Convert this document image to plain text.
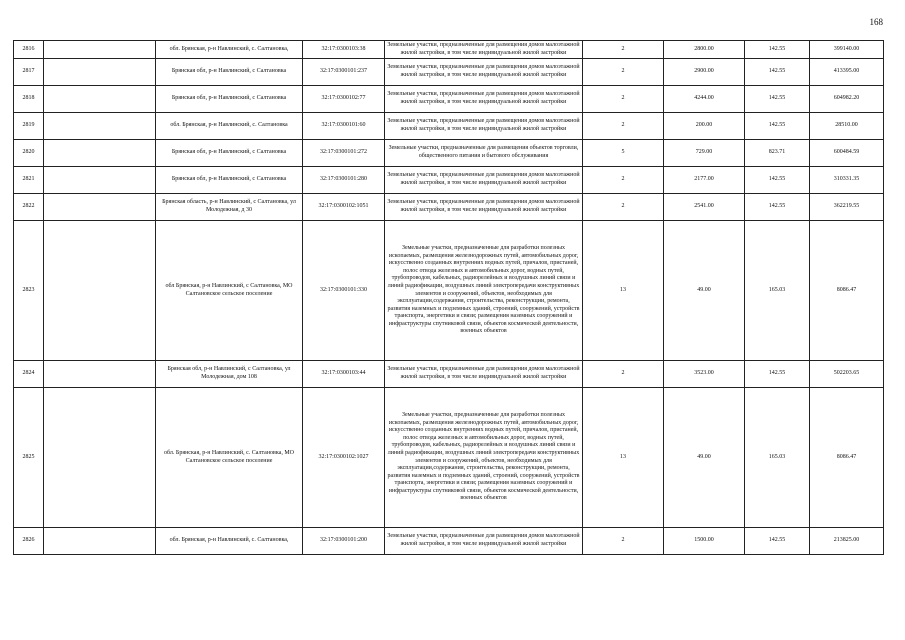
168
2816		обл. Брянская, р-н Навлинский, с. Салтановка,	32:17:0300103:38	Земельные участки, предназначенные для размещения домов малоэтажной жилой застройки, в том числе индивидуальной жилой застройки	2	2800.00	142.55	399140.00
2817		Брянская обл, р-н Навлинский, с Салтановка	32:17:0300101:237	Земельные участки, предназначенные для размещения домов малоэтажной жилой застройки, в том числе индивидуальной жилой застройки	2	2900.00	142.55	413395.00
2818		Брянская обл, р-н Навлинский, с Салтановка	32:17:0300102:77	Земельные участки, предназначенные для размещения домов малоэтажной жилой застройки, в том числе индивидуальной жилой застройки	2	4244.00	142.55	604982.20
2819		обл. Брянская, р-н Навлинский, с. Салтановка	32:17:0300101:60	Земельные участки, предназначенные для размещения домов малоэтажной жилой застройки, в том числе индивидуальной жилой застройки	2	200.00	142.55	28510.00
2820		Брянская обл, р-н Навлинский, с Салтановка	32:17:0300101:272	Земельные участки, предназначенные для размещения объектов торговли, общественного питания и бытового обслуживания	5	729.00	823.71	600484.59
2821		Брянская обл, р-н Навлинский, с Салтановка	32:17:0300101:280	Земельные участки, предназначенные для размещения домов малоэтажной жилой застройки, в том числе индивидуальной жилой застройки	2	2177.00	142.55	310331.35
2822		Брянская область, р-н Навлинский, с Салтановка, ул Молодежная, д 30	32:17:0300102:1051	Земельные участки, предназначенные для размещения домов малоэтажной жилой застройки, в том числе индивидуальной жилой застройки	2	2541.00	142.55	362219.55
2823		обл Брянская, р-н Навлинский, с Салтановка, МО Салтановское сельское поселение	32:17:0300101:330	Земельные участки, предназначенные для разработки полезных ископаемых, размещения железнодорожных путей, автомобильных дорог, искусственно созданных внутренних водных путей, причалов, пристаней, полос отвода железных и автомобильных дорог, водных путей, трубопроводов, кабельных, радиорелейных и воздушных линий связи и линий радиофикации, воздушных линий электропередачи конструктивных элементов и сооружений, объектов, необходимых для эксплуатации,содержания, строительства, реконструкции, ремонта, развития наземных и подземных зданий, строений, сооружений, устройств транспорта, энергетики и связи; размещения наземных сооружений и инфраструктуры спутниковой связи, объектов космической деятельности, военных объектов	13	49.00	165.03	8086.47
2824		Брянская обл, р-н Навлинский, с Салтановка, ул Молодежная, дом 108	32:17:0300103:44	Земельные участки, предназначенные для размещения домов малоэтажной жилой застройки, в том числе индивидуальной жилой застройки	2	3523.00	142.55	502203.65
2825		обл. Брянская, р-н Навлинский, с. Салтановка, МО Салтановское сельское поселение	32:17:0300102:1027	Земельные участки, предназначенные для разработки полезных ископаемых, размещения железнодорожных путей, автомобильных дорог, искусственно созданных внутренних водных путей, причалов, пристаней, полос отвода железных и автомобильных дорог, водных путей, трубопроводов, кабельных, радиорелейных и воздушных линий связи и линий радиофикации, воздушных линий электропередачи конструктивных элементов и сооружений, объектов, необходимых для эксплуатации,содержания, строительства, реконструкции, ремонта, развития наземных и подземных зданий, строений, сооружений, устройств транспорта, энергетики и связи; размещения наземных сооружений и инфраструктуры спутниковой связи, объектов космической деятельности, военных объектов	13	49.00	165.03	8086.47
2826		обл. Брянская, р-н Навлинский, с. Салтановка,	32:17:0300101:200	Земельные участки, предназначенные для размещения домов малоэтажной жилой застройки, в том числе индивидуальной жилой застройки	2	1500.00	142.55	213825.00
